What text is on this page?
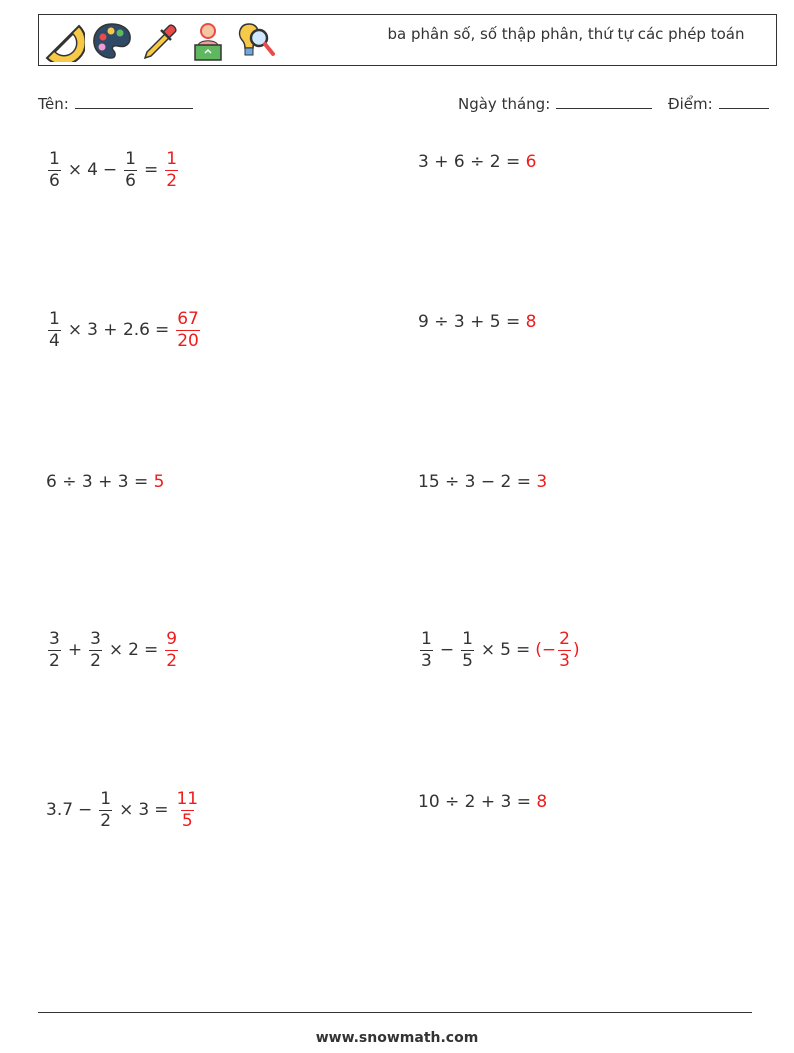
ba phân số, số thập phân, thứ tự các phép toán
Tên:	Ngày tháng:	Điểm:
$\frac{1}{6} \times 4 - \frac{1}{6} = \frac{1}{2}$	3 + 6 ÷ 2 =
6
$\frac{1}{4} \times 3 + 2.6 = \frac{67}{20}$	9 ÷ 3 + 5 =
8
6 ÷ 3 + 3 =
5	15 ÷ 3 − 2 =
3
$\frac{3}{2} + \frac{3}{2} \times 2 = \frac{9}{2}$	$\frac{1}{3} - \frac{1}{5} \times 5$ = (− $\frac{2}{3}$ )
$3.7 - \frac{1}{2} \times 3 = \frac{11}{5}$	10 ÷ 2 + 3 =
8
www.snowmath.com
